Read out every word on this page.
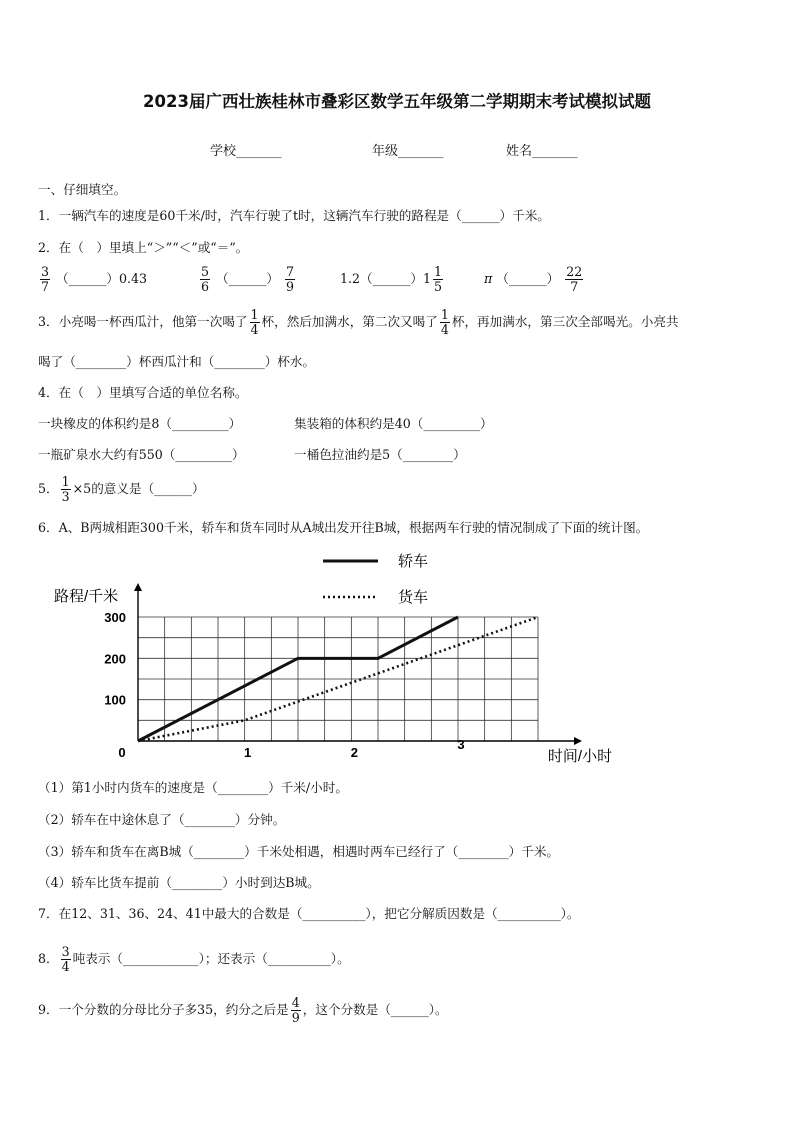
2023届广西壮族桂林市叠彩区数学五年级第二学期期末考试模拟试题
学校_______	年级_______	姓名_______
一、仔细填空。
1．一辆汽车的速度是60千米/时，汽车行驶了t时，这辆汽车行驶的路程是（______）千米。
2．在（　）里填上“＞”“＜”或“＝”。
$\frac{3}{7}$ （______）0.43	$\frac{5}{6}$ （______） $\frac{7}{9}$	1.2（______）1 $\frac{1}{5}$	π （______） $\frac{22}{7}$
3．小亮喝一杯西瓜汁，他第一次喝了 $\frac{1}{4}$ 杯，然后加满水，第二次又喝了 $\frac{1}{4}$ 杯，再加满水，第三次全部喝光。小亮共
喝了（________）杯西瓜汁和（________）杯水。
4．在（　）里填写合适的单位名称。
一块橡皮的体积约是8（_________）	集装箱的体积约是40（_________）
一瓶矿泉水大约有550（_________）	一桶色拉油约是5（________）
5． $\frac{1}{3} \times 5$的意义是（______）
6．A、B两城相距300千米，轿车和货车同时从A城出发开往B城，根据两车行驶的情况制成了下面的统计图。
0	1	2
3
100
200
300
路程/千米
时间/小时
轿车
货车
（1）第1小时内货车的速度是（________）千米/小时。
（2）轿车在中途休息了（________）分钟。
（3）轿车和货车在离B城（________）千米处相遇，相遇时两车已经行了（________）千米。
（4）轿车比货车提前（________）小时到达B城。
7．在12、31、36、24、41中最大的合数是（__________），把它分解质因数是（__________）。
8． $\frac{3}{4}$ 吨表示（____________）；还表示（__________）。
9．一个分数的分母比分子多35，约分之后是 $\frac{4}{9}$ ，这个分数是（______）。
